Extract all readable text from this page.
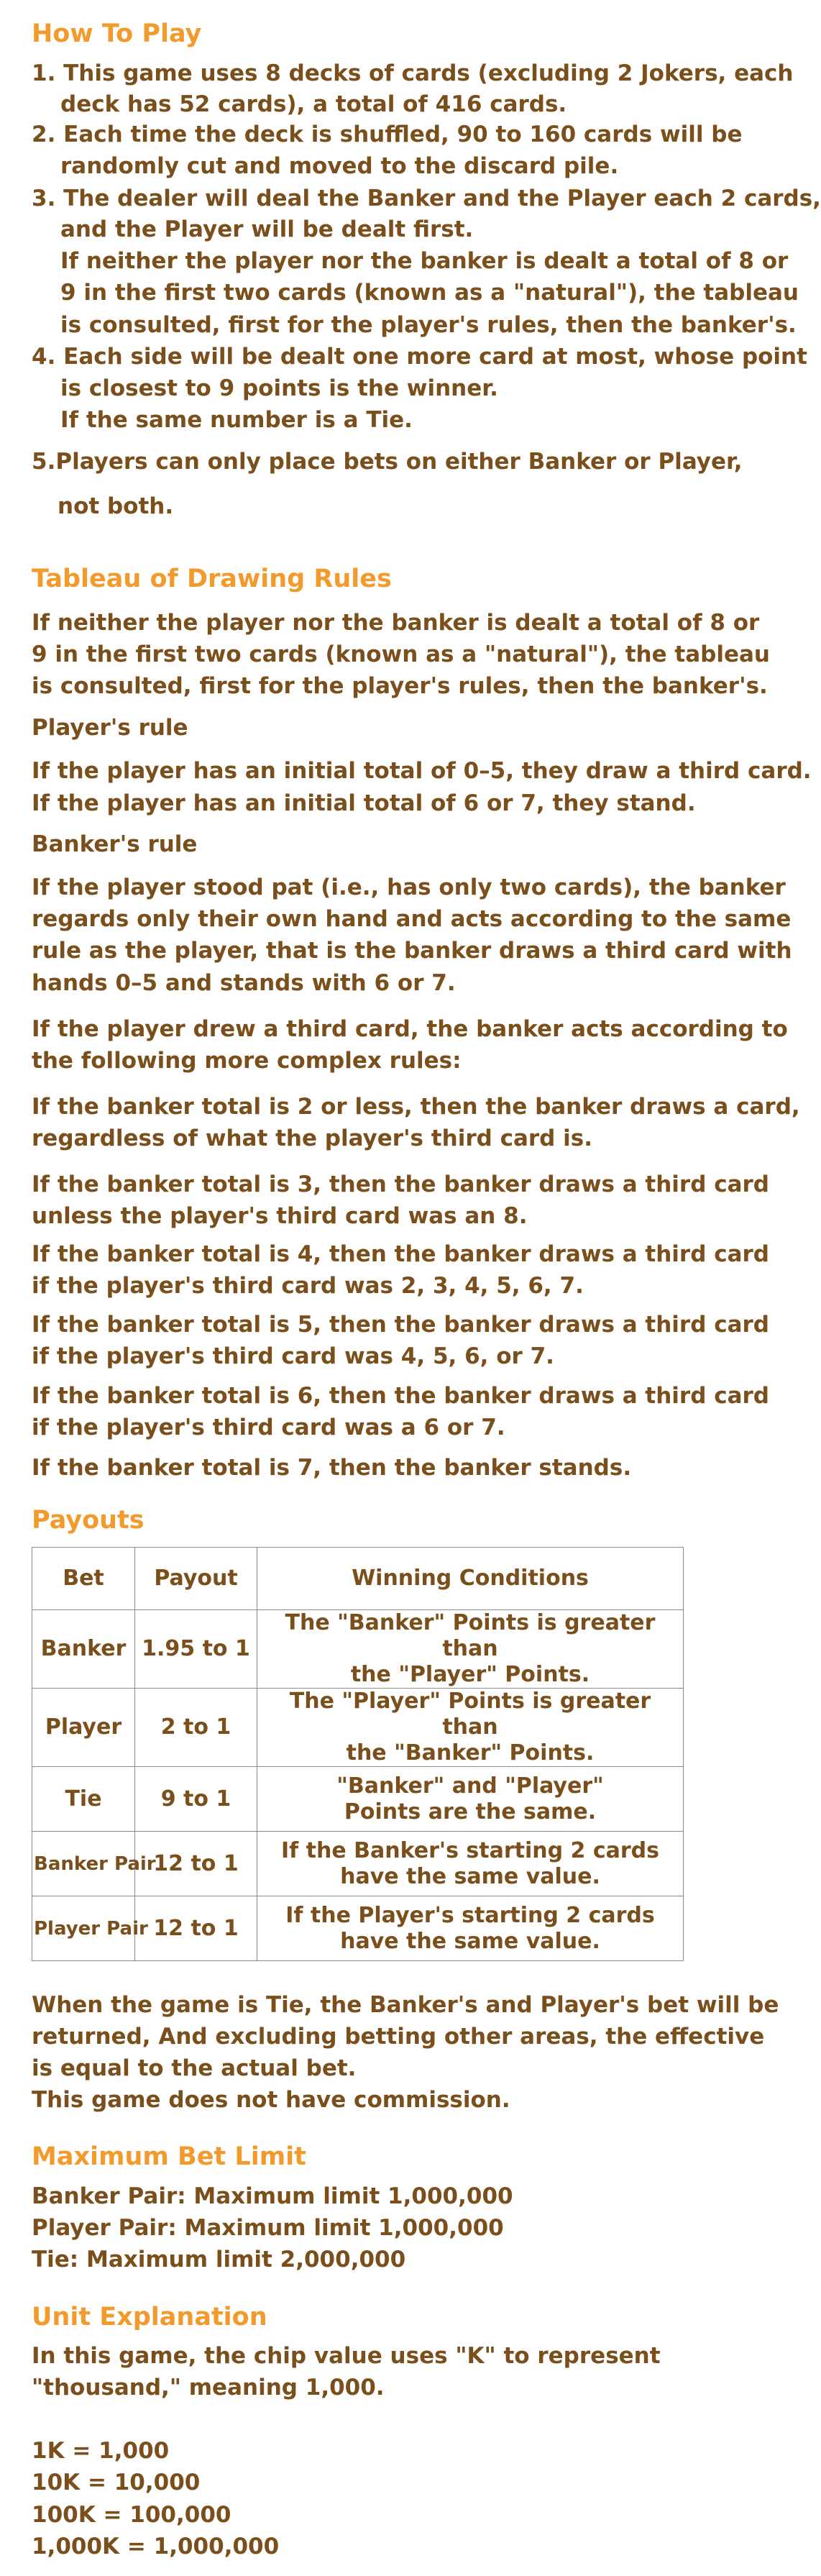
How To Play
1. This game uses 8 decks of cards (excluding 2 Jokers, each
deck has 52 cards), a total of 416 cards.
2. Each time the deck is shuffled, 90 to 160 cards will be
randomly cut and moved to the discard pile.
3. The dealer will deal the Banker and the Player each 2 cards,
and the Player will be dealt first.
If neither the player nor the banker is dealt a total of 8 or
9 in the first two cards (known as a "natural"), the tableau
is consulted, first for the player's rules, then the banker's.
4. Each side will be dealt one more card at most, whose point
is closest to 9 points is the winner.
If the same number is a Tie.
5.Players can only place bets on either Banker or Player,
not both.
Tableau of Drawing Rules
If neither the player nor the banker is dealt a total of 8 or
9 in the first two cards (known as a "natural"), the tableau
is consulted, first for the player's rules, then the banker's.
Player's rule
If the player has an initial total of 0–5, they draw a third card.
If the player has an initial total of 6 or 7, they stand.
Banker's rule
If the player stood pat (i.e., has only two cards), the banker
regards only their own hand and acts according to the same
rule as the player, that is the banker draws a third card with
hands 0–5 and stands with 6 or 7.
If the player drew a third card, the banker acts according to
the following more complex rules:
If the banker total is 2 or less, then the banker draws a card,
regardless of what the player's third card is.
If the banker total is 3, then the banker draws a third card
unless the player's third card was an 8.
If the banker total is 4, then the banker draws a third card
if the player's third card was 2, 3, 4, 5, 6, 7.
If the banker total is 5, then the banker draws a third card
if the player's third card was 4, 5, 6, or 7.
If the banker total is 6, then the banker draws a third card
if the player's third card was a 6 or 7.
If the banker total is 7, then the banker stands.
Payouts
Bet	Payout	Winning Conditions
Banker	1.95 to 1	The "Banker" Points is greater than
the "Player" Points.

Player	2 to 1	The "Player" Points is greater than
the "Banker" Points.

Tie	9 to 1	"Banker" and "Player"
Points are the same.

Banker Pair	12 to 1	If the Banker's starting 2 cards
have the same value.

Player Pair	12 to 1	If the Player's starting 2 cards
have the same value.
When the game is Tie, the Banker's and Player's bet will be
returned, And excluding betting other areas, the effective
is equal to the actual bet.
This game does not have commission.
Maximum Bet Limit
Banker Pair: Maximum limit 1,000,000
Player Pair: Maximum limit 1,000,000
Tie: Maximum limit 2,000,000
Unit Explanation
In this game, the chip value uses "K" to represent
"thousand," meaning 1,000.
1K = 1,000
10K = 10,000
100K = 100,000
1,000K = 1,000,000
